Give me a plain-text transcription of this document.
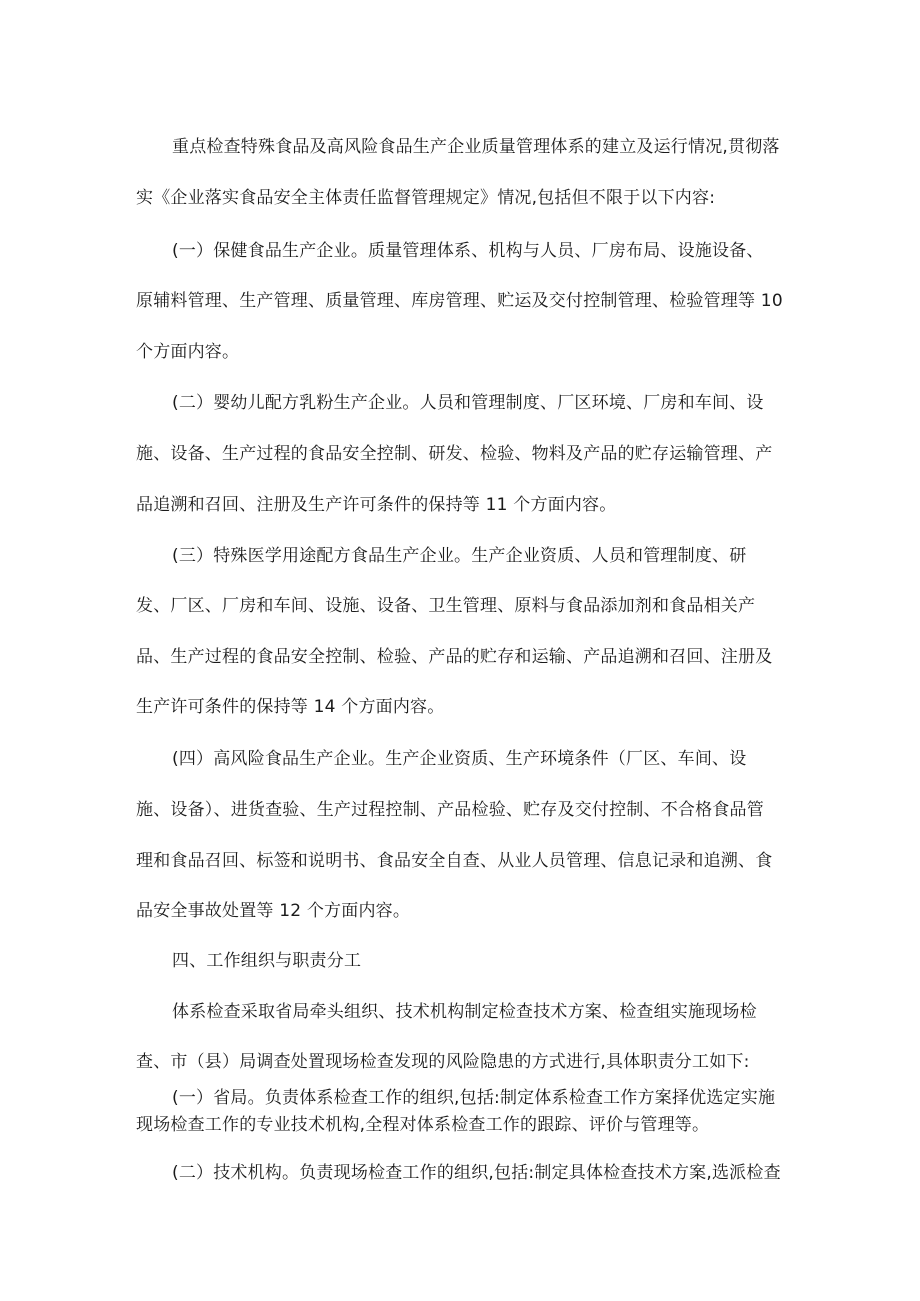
重点检查特殊食品及高风险食品生产企业质量管理体系的建立及运行情况,贯彻落
实《企业落实食品安全主体责任监督管理规定》情况,包括但不限于以下内容:
(一）保健食品生产企业。质量管理体系、机构与人员、厂房布局、设施设备、
原辅料管理、生产管理、质量管理、库房管理、贮运及交付控制管理、检验管理等 10
个方面内容。
(二）婴幼儿配方乳粉生产企业。人员和管理制度、厂区环境、厂房和车间、设
施、设备、生产过程的食品安全控制、研发、检验、物料及产品的贮存运输管理、产
品追溯和召回、注册及生产许可条件的保持等 11 个方面内容。
(三）特殊医学用途配方食品生产企业。生产企业资质、人员和管理制度、研
发、厂区、厂房和车间、设施、设备、卫生管理、原料与食品添加剂和食品相关产
品、生产过程的食品安全控制、检验、产品的贮存和运输、产品追溯和召回、注册及
生产许可条件的保持等 14 个方面内容。
(四）高风险食品生产企业。生产企业资质、生产环境条件（厂区、车间、设
施、设备）、进货查验、生产过程控制、产品检验、贮存及交付控制、不合格食品管
理和食品召回、标签和说明书、食品安全自查、从业人员管理、信息记录和追溯、食
品安全事故处置等 12 个方面内容。
四、工作组织与职责分工
体系检查采取省局牵头组织、技术机构制定检查技术方案、检查组实施现场检
查、市（县）局调查处置现场检查发现的风险隐患的方式进行,具体职责分工如下:
(一）省局。负责体系检查工作的组织,包括:制定体系检查工作方案择优选定实施
现场检查工作的专业技术机构,全程对体系检查工作的跟踪、评价与管理等。
(二）技术机构。负责现场检查工作的组织,包括:制定具体检查技术方案,选派检查
